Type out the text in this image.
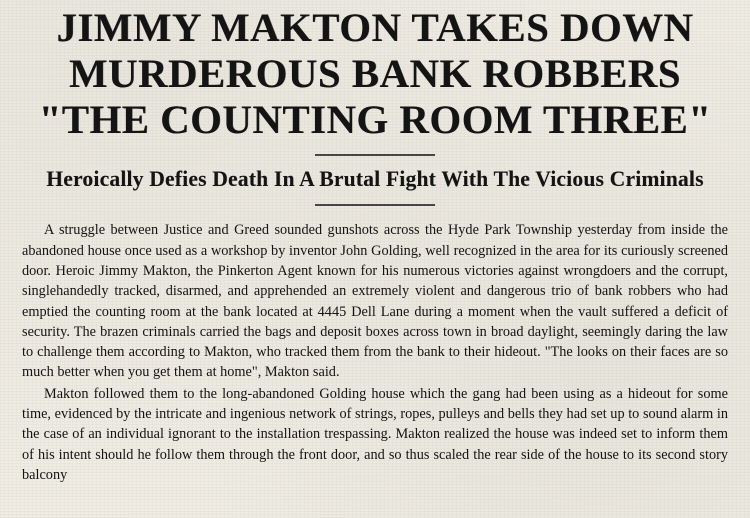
JIMMY MAKTON TAKES DOWN
MURDEROUS BANK ROBBERS
"THE COUNTING ROOM THREE"
Heroically Defies Death In A Brutal Fight With The Vicious Criminals

A struggle between Justice and Greed sounded gunshots across the Hyde Park Township yesterday from inside the abandoned house once used as a workshop by inventor John Golding, well recognized in the area for its curiously screened door. Heroic Jimmy Makton, the Pinkerton Agent known for his numerous victories against wrongdoers and the corrupt, singlehandedly tracked, disarmed, and apprehended an extremely violent and dangerous trio of bank robbers who had emptied the counting room at the bank located at 4445 Dell Lane during a moment when the vault suffered a deficit of security. The brazen criminals carried the bags and deposit boxes across town in broad daylight, seemingly daring the law to challenge them according to Makton, who tracked them from the bank to their hideout. "The looks on their faces are so much better when you get them at home", Makton said.

Makton followed them to the long-abandoned Golding house which the gang had been using as a hideout for some time, evidenced by the intricate and ingenious network of strings, ropes, pulleys and bells they had set up to sound alarm in the case of an individual ignorant to the installation trespassing. Makton realized the house was indeed set to inform them of his intent should he follow them through the front door, and so thus scaled the rear side of the house to its second story balcony
